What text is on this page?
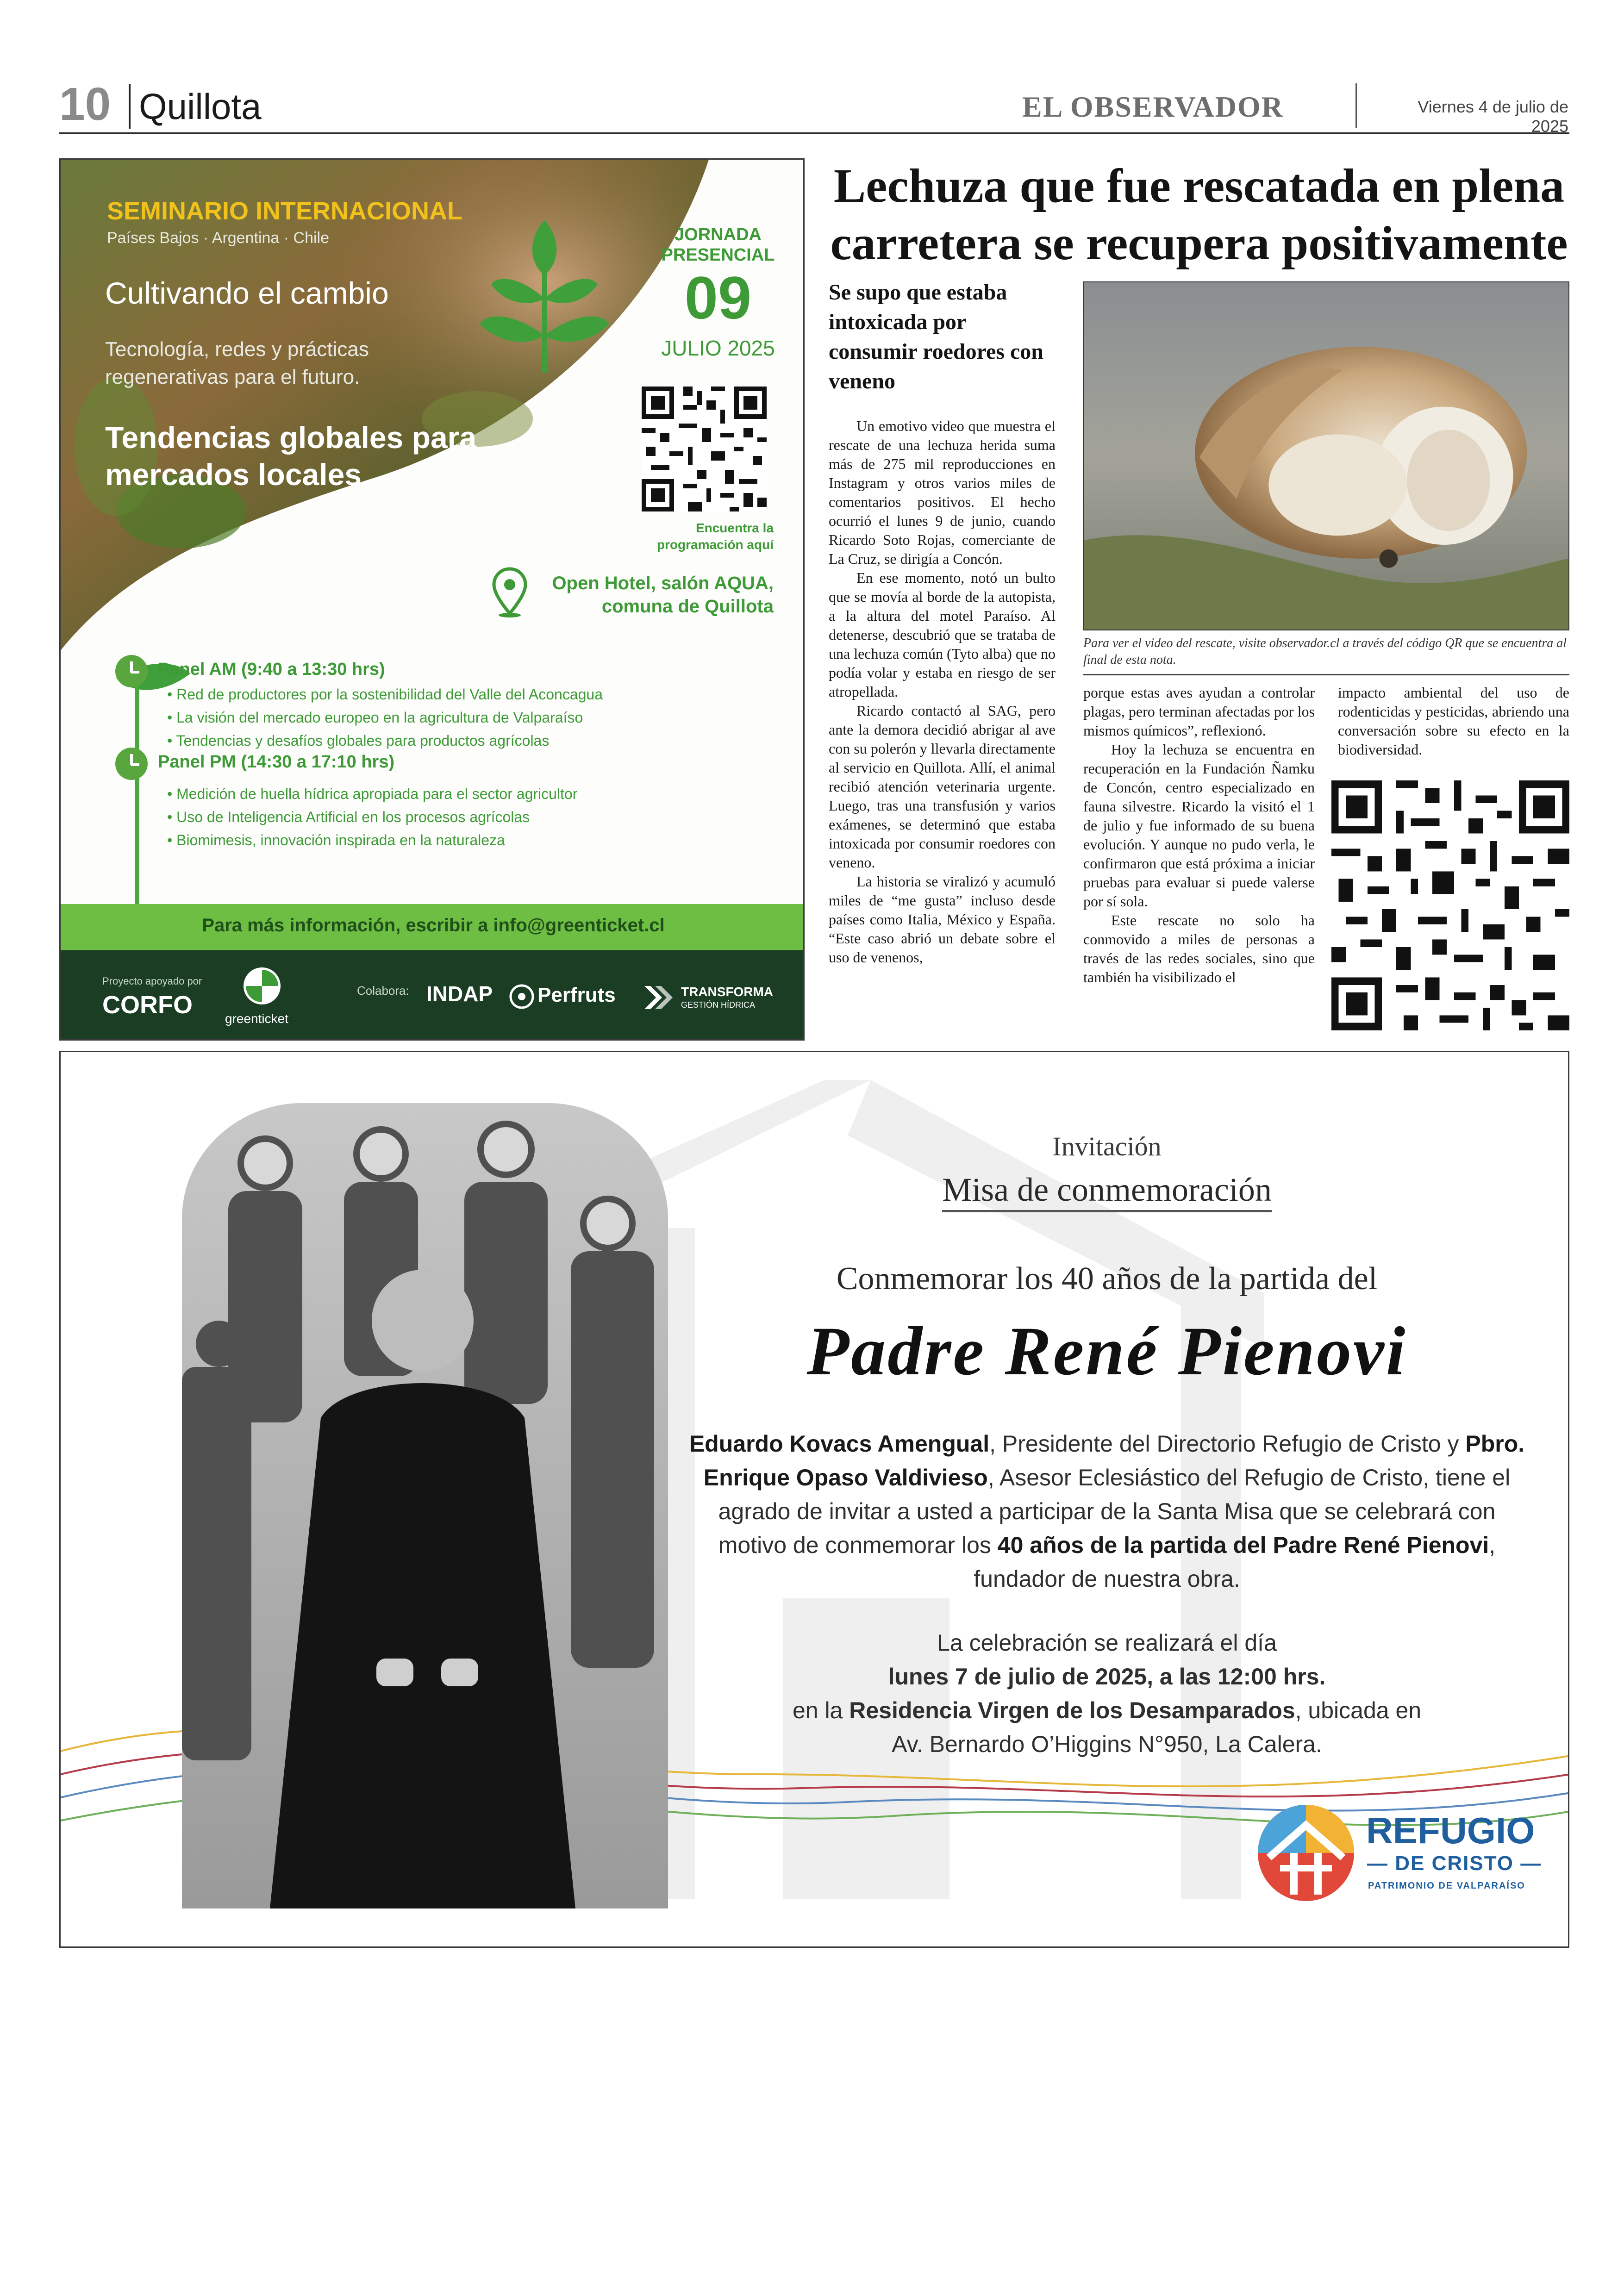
10 Quillota	EL OBSERVADOR	Viernes 4 de julio de 2025
SEMINARIO INTERNACIONAL
Países Bajos · Argentina · Chile
Cultivando el cambio
Tecnología, redes y prácticas regenerativas para el futuro.
Tendencias globales para mercados locales
JORNADA PRESENCIAL
09
JULIO 2025
Encuentra la programación aquí
Open Hotel, salón AQUA, comuna de Quillota
Panel AM (9:40 a 13:30 hrs)
• Red de productores por la sostenibilidad del Valle del Aconcagua
• La visión del mercado europeo en la agricultura de Valparaíso
• Tendencias y desafíos globales para productos agrícolas
Panel PM (14:30 a 17:10 hrs)
• Medición de huella hídrica apropiada para el sector agricultor
• Uso de Inteligencia Artificial en los procesos agrícolas
• Biomimesis, innovación inspirada en la naturaleza
Para más información, escribir a info@greenticket.cl
Proyecto apoyado por
CORFO	greenticket
Colabora: INDAP Perfruts	TRANSFORMA
GESTIÓN HÍDRICA
Lechuza que fue rescatada en plena carretera se recupera positivamente
Se supo que estaba intoxicada por consumir roedores con veneno
Para ver el video del rescate, visite observador.cl a través del código QR que se encuentra al final de esta nota.

Un emotivo video que muestra el rescate de una lechuza herida suma más de 275 mil reproducciones en Instagram y otros varios miles de comentarios positivos. El hecho ocurrió el lunes 9 de junio, cuando Ricardo Soto Rojas, comerciante de La Cruz, se dirigía a Concón.

En ese momento, notó un bulto que se movía al borde de la autopista, a la altura del motel Paraíso. Al detenerse, descubrió que se trataba de una lechuza común (Tyto alba) que no podía volar y estaba en riesgo de ser atropellada.

Ricardo contactó al SAG, pero ante la demora decidió abrigar al ave con su polerón y llevarla directamente al servicio en Quillota. Allí, el animal recibió atención veterinaria urgente. Luego, tras una transfusión y varios exámenes, se determinó que estaba intoxicada por consumir roedores con veneno.

La historia se viralizó y acumuló miles de “me gusta” incluso desde países como Italia, México y España. “Este caso abrió un debate sobre el uso de venenos,

porque estas aves ayudan a controlar plagas, pero terminan afectadas por los mismos químicos”, reflexionó.

Hoy la lechuza se encuentra en recuperación en la Fundación Ñamku de Concón, centro especializado en fauna silvestre. Ricardo la visitó el 1 de julio y fue informado de su buena evolución. Y aunque no pudo verla, le confirmaron que está próxima a iniciar pruebas para evaluar si puede valerse por sí sola.

Este rescate no solo ha conmovido a miles de personas a través de las redes sociales, sino que también ha visibilizado el

impacto ambiental del uso de rodenticidas y pesticidas, abriendo una conversación sobre su efecto en la biodiversidad.

Invitación
Misa de conmemoración
Conmemorar los 40 años de la partida del
Padre René Pienovi
Eduardo Kovacs Amengual, Presidente del Directorio Refugio de Cristo y Pbro. Enrique Opaso Valdivieso, Asesor Eclesiástico del Refugio de Cristo, tiene el agrado de invitar a usted a participar de la Santa Misa que se celebrará con motivo de conmemorar los 40 años de la partida del Padre René Pienovi, fundador de nuestra obra.
La celebración se realizará el día
lunes 7 de julio de 2025, a las 12:00 hrs.
en la Residencia Virgen de los Desamparados, ubicada en
Av. Bernardo O’Higgins N°950, La Calera.
REFUGIO
— DE CRISTO —
PATRIMONIO DE VALPARAÍSO
